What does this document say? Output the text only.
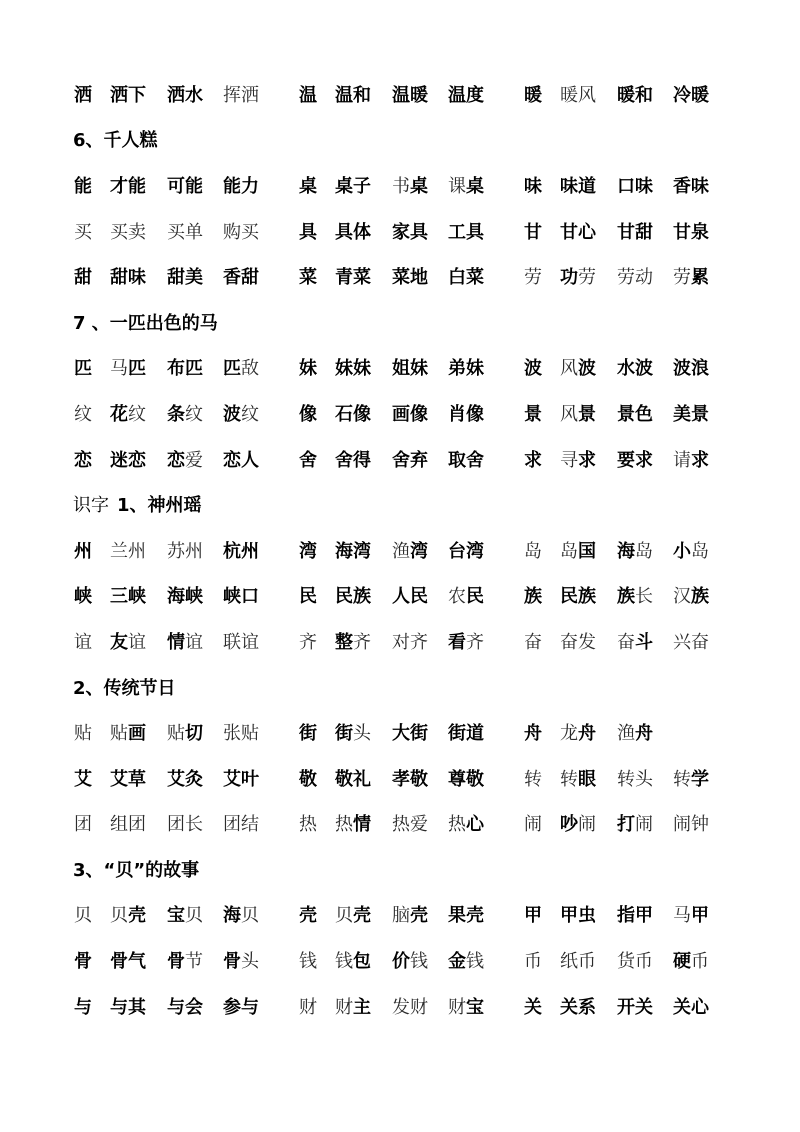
洒	洒下	洒水	挥洒	温	温和	温暖	温度	暖	暖风	暖和	冷暖
6、千人糕
能	才能	可能	能力	桌	桌子	书桌	课桌	味	味道	口味	香味
买	买卖	买单	购买	具	具体	家具	工具	甘	甘心	甘甜	甘泉
甜	甜味	甜美	香甜	菜	青菜	菜地	白菜	劳	功劳	劳动	劳累
7 、一匹出色的马
匹	马匹	布匹	匹敌	妹	妹妹	姐妹	弟妹	波	风波	水波	波浪
纹	花纹	条纹	波纹	像	石像	画像	肖像	景	风景	景色	美景
恋	迷恋	恋爱	恋人	舍	舍得	舍弃	取舍	求	寻求	要求	请求
识字 1、神州瑶
州	兰州	苏州	杭州	湾	海湾	渔湾	台湾	岛	岛国	海岛	小岛
峡	三峡	海峡	峡口	民	民族	人民	农民	族	民族	族长	汉族
谊	友谊	情谊	联谊	齐	整齐	对齐	看齐	奋	奋发	奋斗	兴奋
2、传统节日
贴	贴画	贴切	张贴	街	街头	大街	街道	舟	龙舟	渔舟
艾	艾草	艾灸	艾叶	敬	敬礼	孝敬	尊敬	转	转眼	转头	转学
团	组团	团长	团结	热	热情	热爱	热心	闹	吵闹	打闹	闹钟
3、“贝”的故事
贝	贝壳	宝贝	海贝	壳	贝壳	脑壳	果壳	甲	甲虫	指甲	马甲
骨	骨气	骨节	骨头	钱	钱包	价钱	金钱	币	纸币	货币	硬币
与	与其	与会	参与	财	财主	发财	财宝	关	关系	开关	关心
